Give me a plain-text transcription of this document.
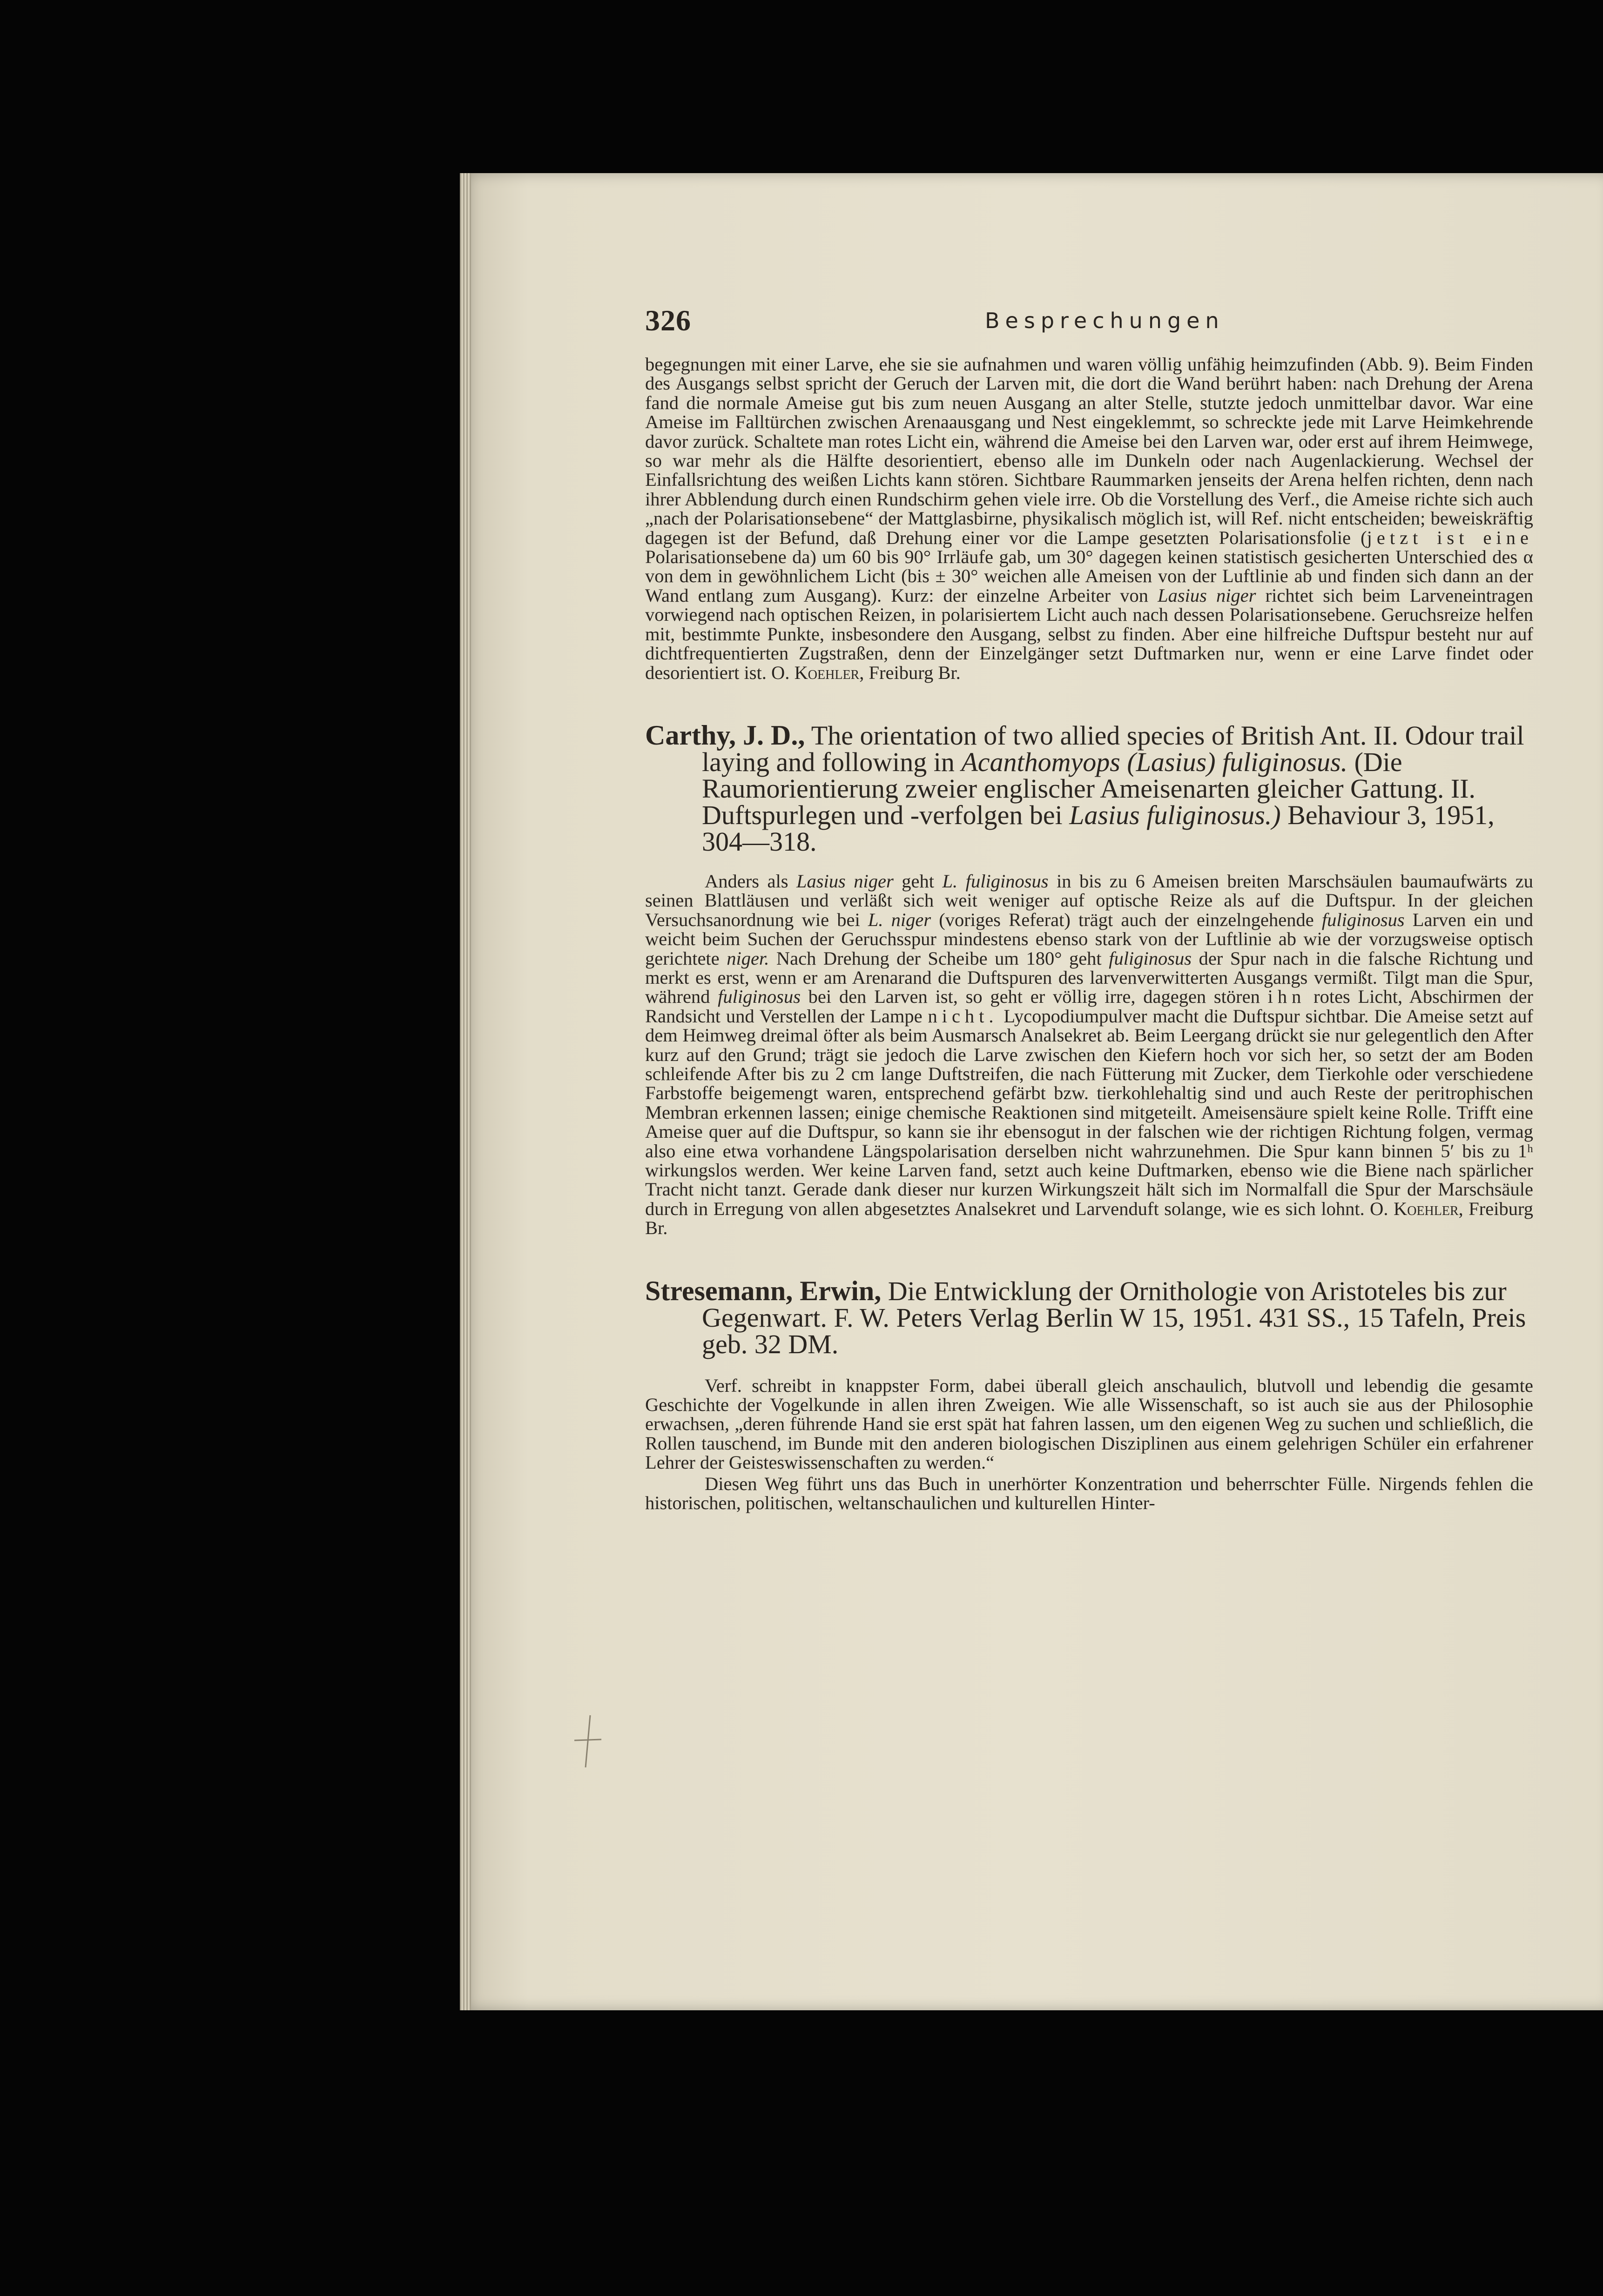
326	Besprechungen

begegnungen mit einer Larve, ehe sie sie aufnahmen und waren völlig unfähig heimzufinden (Abb. 9). Beim Finden des Ausgangs selbst spricht der Geruch der Larven mit, die dort die Wand berührt haben: nach Drehung der Arena fand die normale Ameise gut bis zum neuen Ausgang an alter Stelle, stutzte jedoch unmittelbar davor. War eine Ameise im Falltürchen zwischen Arenaausgang und Nest eingeklemmt, so schreckte jede mit Larve Heimkehrende davor zurück. Schaltete man rotes Licht ein, während die Ameise bei den Larven war, oder erst auf ihrem Heimwege, so war mehr als die Hälfte desorientiert, ebenso alle im Dunkeln oder nach Augenlackierung. Wechsel der Einfallsrichtung des weißen Lichts kann stören. Sichtbare Raummarken jenseits der Arena helfen richten, denn nach ihrer Abblendung durch einen Rundschirm gehen viele irre. Ob die Vorstellung des Verf., die Ameise richte sich auch „nach der Polarisationsebene“ der Mattglasbirne, physikalisch möglich ist, will Ref. nicht entscheiden; beweiskräftig dagegen ist der Befund, daß Drehung einer vor die Lampe gesetzten Polarisationsfolie (jetzt ist eine Polarisationsebene da) um 60 bis 90° Irrläufe gab, um 30° dagegen keinen statistisch gesicherten Unterschied des α von dem in gewöhnlichem Licht (bis ± 30° weichen alle Ameisen von der Luftlinie ab und finden sich dann an der Wand entlang zum Ausgang). Kurz: der einzelne Arbeiter von Lasius niger richtet sich beim Larveneintragen vorwiegend nach optischen Reizen, in polarisiertem Licht auch nach dessen Polarisationsebene. Geruchsreize helfen mit, bestimmte Punkte, insbesondere den Ausgang, selbst zu finden. Aber eine hilfreiche Duftspur besteht nur auf dichtfrequentierten Zugstraßen, denn der Einzelgänger setzt Duftmarken nur, wenn er eine Larve findet oder desorientiert ist. O. Koehler, Freiburg Br.

Carthy, J. D., The orientation of two allied species of British Ant. II. Odour trail laying and following in Acanthomyops (Lasius) fuliginosus. (Die Raumorientierung zweier englischer Ameisenarten gleicher Gattung. II. Duftspurlegen und -verfolgen bei Lasius fuliginosus.) Behaviour 3, 1951, 304—318.

Anders als Lasius niger geht L. fuliginosus in bis zu 6 Ameisen breiten Marschsäulen baumaufwärts zu seinen Blattläusen und verläßt sich weit weniger auf optische Reize als auf die Duftspur. In der gleichen Versuchsanordnung wie bei L. niger (voriges Referat) trägt auch der einzelngehende fuliginosus Larven ein und weicht beim Suchen der Geruchsspur mindestens ebenso stark von der Luftlinie ab wie der vorzugsweise optisch gerichtete niger. Nach Drehung der Scheibe um 180° geht fuliginosus der Spur nach in die falsche Richtung und merkt es erst, wenn er am Arenarand die Duftspuren des larvenverwitterten Ausgangs vermißt. Tilgt man die Spur, während fuliginosus bei den Larven ist, so geht er völlig irre, dagegen stören ihn rotes Licht, Abschirmen der Randsicht und Verstellen der Lampe nicht. Lycopodiumpulver macht die Duftspur sichtbar. Die Ameise setzt auf dem Heimweg dreimal öfter als beim Ausmarsch Analsekret ab. Beim Leergang drückt sie nur gelegentlich den After kurz auf den Grund; trägt sie jedoch die Larve zwischen den Kiefern hoch vor sich her, so setzt der am Boden schleifende After bis zu 2 cm lange Duftstreifen, die nach Fütterung mit Zucker, dem Tierkohle oder verschiedene Farbstoffe beigemengt waren, entsprechend gefärbt bzw. tierkohlehaltig sind und auch Reste der peritrophischen Membran erkennen lassen; einige chemische Reaktionen sind mitgeteilt. Ameisensäure spielt keine Rolle. Trifft eine Ameise quer auf die Duftspur, so kann sie ihr ebensogut in der falschen wie der richtigen Richtung folgen, vermag also eine etwa vorhandene Längspolarisation derselben nicht wahrzunehmen. Die Spur kann binnen 5′ bis zu 1ʰ wirkungslos werden. Wer keine Larven fand, setzt auch keine Duftmarken, ebenso wie die Biene nach spärlicher Tracht nicht tanzt. Gerade dank dieser nur kurzen Wirkungszeit hält sich im Normalfall die Spur der Marschsäule durch in Erregung von allen abgesetztes Analsekret und Larvenduft solange, wie es sich lohnt. O. Koehler, Freiburg Br.

Stresemann, Erwin, Die Entwicklung der Ornithologie von Aristoteles bis zur Gegenwart. F. W. Peters Verlag Berlin W 15, 1951. 431 SS., 15 Tafeln, Preis geb. 32 DM.

Verf. schreibt in knappster Form, dabei überall gleich anschaulich, blutvoll und lebendig die gesamte Geschichte der Vogelkunde in allen ihren Zweigen. Wie alle Wissenschaft, so ist auch sie aus der Philosophie erwachsen, „deren führende Hand sie erst spät hat fahren lassen, um den eigenen Weg zu suchen und schließlich, die Rollen tauschend, im Bunde mit den anderen biologischen Disziplinen aus einem gelehrigen Schüler ein erfahrener Lehrer der Geisteswissenschaften zu werden.“

Diesen Weg führt uns das Buch in unerhörter Konzentration und beherrschter Fülle. Nirgends fehlen die historischen, politischen, weltanschaulichen und kulturellen Hinter-
